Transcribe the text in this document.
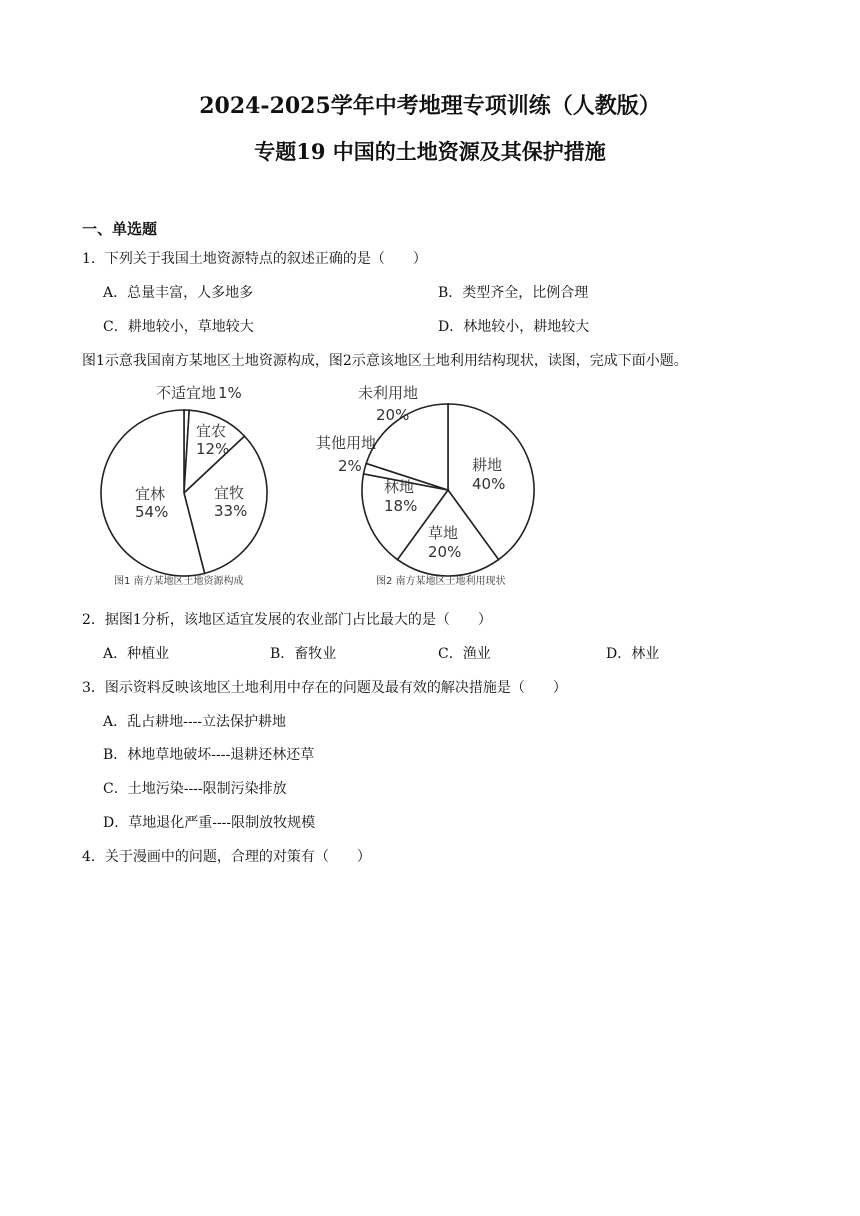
2024-2025学年中考地理专项训练（人教版）
专题19 中国的土地资源及其保护措施
一、单选题
1．下列关于我国土地资源特点的叙述正确的是（　　）
A．总量丰富，人多地多	B．类型齐全，比例合理
C．耕地较小，草地较大	D．林地较小，耕地较大
图1示意我国南方某地区土地资源构成，图2示意该地区土地利用结构现状，读图，完成下面小题。
不适宜地 1%
宜农
12%
宜牧
33%
宜林
54%
图1 南方某地区土地资源构成
未利用地
20%
其他用地
2%	耕地
40%
林地
18%
草地
20%
图2 南方某地区土地利用现状
2．据图1分析，该地区适宜发展的农业部门占比最大的是（　　）
A．种植业	B．畜牧业	C．渔业	D．林业
3．图示资料反映该地区土地利用中存在的问题及最有效的解决措施是（　　）
A．乱占耕地----立法保护耕地
B．林地草地破坏----退耕还林还草
C．土地污染----限制污染排放
D．草地退化严重----限制放牧规模
4．关于漫画中的问题，合理的对策有（　　）
